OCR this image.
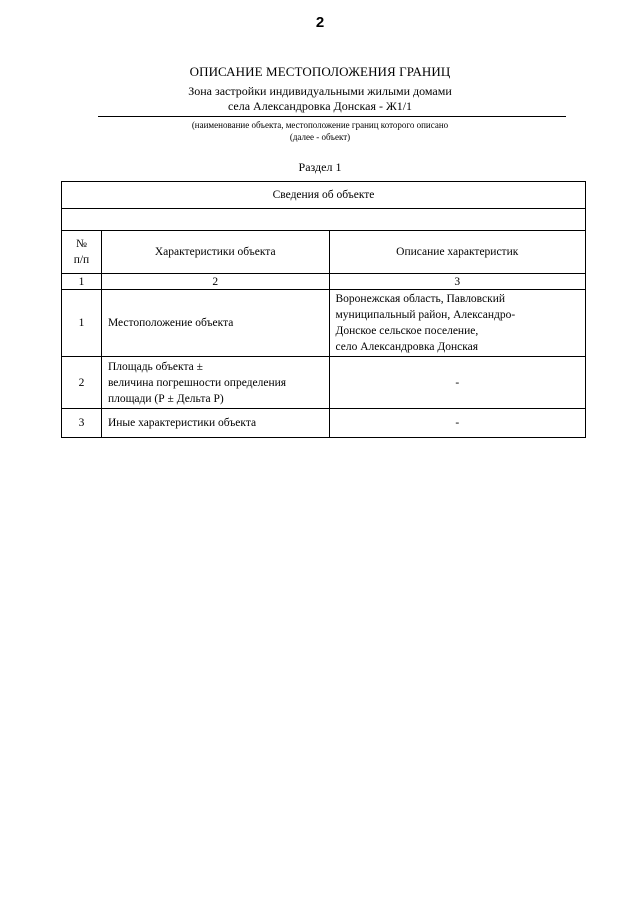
2
ОПИСАНИЕ МЕСТОПОЛОЖЕНИЯ ГРАНИЦ
Зона застройки индивидуальными жилыми домами
села Александровка Донская - Ж1/1
(наименование объекта, местоположение границ которого описано
(далее - объект)
Раздел 1
Сведения об объекте		

№
п/п	Характеристики объекта	Описание характеристик
1	2	3
1	Местоположение объекта	Воронежская область, Павловский
муниципальный район, Александро-
Донское сельское поселение,
село Александровка Донская

2	Площадь объекта ±
величина погрешности определения
площади (Р ± Дельта Р)	-
3	Иные характеристики объекта	-
